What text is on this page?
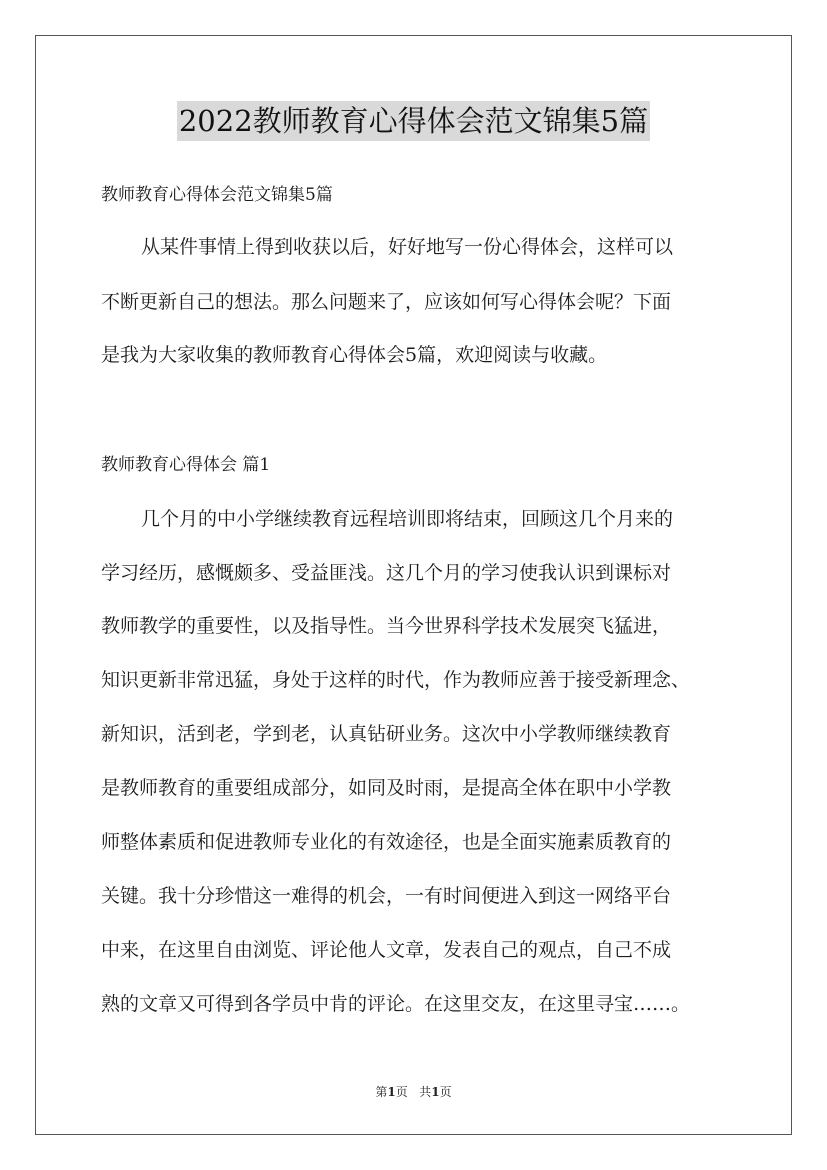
2022教师教育心得体会范文锦集5篇

教师教育心得体会范文锦集5篇

从某件事情上得到收获以后，好好地写一份心得体会，这样可以

不断更新自己的想法。那么问题来了，应该如何写心得体会呢？下面

是我为大家收集的教师教育心得体会5篇，欢迎阅读与收藏。

教师教育心得体会 篇1

几个月的中小学继续教育远程培训即将结束，回顾这几个月来的

学习经历，感慨颇多、受益匪浅。这几个月的学习使我认识到课标对

教师教学的重要性，以及指导性。当今世界科学技术发展突飞猛进，

知识更新非常迅猛，身处于这样的时代，作为教师应善于接受新理念、

新知识，活到老，学到老，认真钻研业务。这次中小学教师继续教育

是教师教育的重要组成部分，如同及时雨，是提高全体在职中小学教

师整体素质和促进教师专业化的有效途径，也是全面实施素质教育的

关键。我十分珍惜这一难得的机会，一有时间便进入到这一网络平台

中来，在这里自由浏览、评论他人文章，发表自己的观点，自己不成

熟的文章又可得到各学员中肯的评论。在这里交友，在这里寻宝……。

第1页 共1页
